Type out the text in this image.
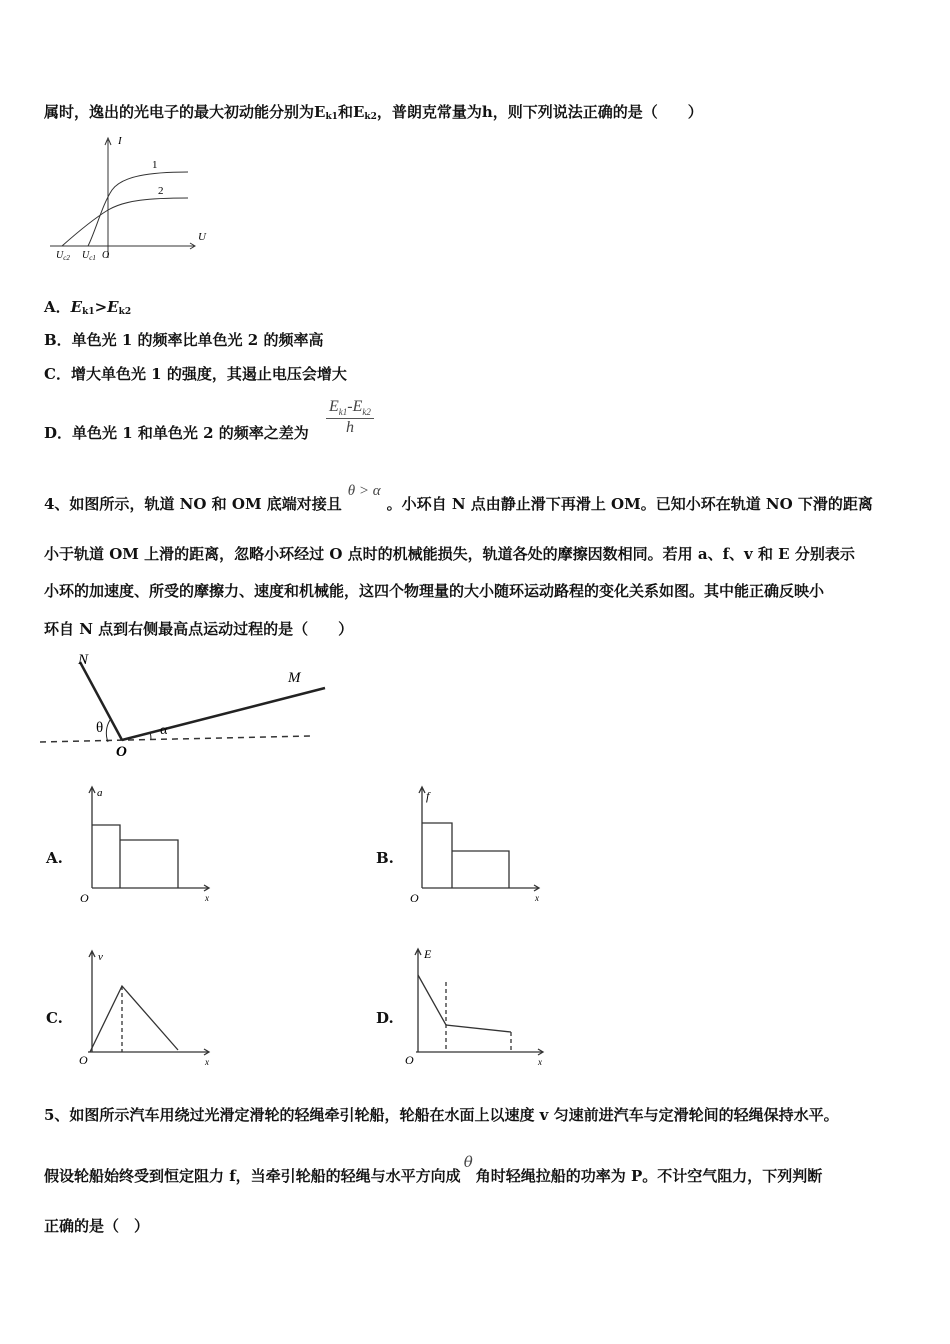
属时，逸出的光电子的最大初动能分别为$E_{k1}$和$E_{k2}$，普朗克常量为h，则下列说法正确的是（　　）
I
U
1
2
$U_{c2}$ $U_{c1}$ O
A．$E_{k1}>E_{k2}$
B．单色光 1 的频率比单色光 2 的频率高
C．增大单色光 1 的强度，其遏止电压会增大
D．单色光 1 和单色光 2 的频率之差为 $\frac{E_{k1}-E_{k2}}{h}$
4、如图所示，轨道 NO 和 OM 底端对接且θ > α。小环自 N 点由静止滑下再滑上 OM。已知小环在轨道 NO 下滑的距离
小于轨道 OM 上滑的距离，忽略小环经过 O 点时的机械能损失，轨道各处的摩擦因数相同。若用 a、f、v 和 E 分别表示
小环的加速度、所受的摩擦力、速度和机械能，这四个物理量的大小随环运动路程的变化关系如图。其中能正确反映小
环自 N 点到右侧最高点运动过程的是（　　）
N
M
O
θ	α
A.
a
x
O
B.
f
x
O
C.
v
x
O
D.
E
x
O
5、如图所示汽车用绕过光滑定滑轮的轻绳牵引轮船，轮船在水面上以速度 v 匀速前进汽车与定滑轮间的轻绳保持水平。
假设轮船始终受到恒定阻力 f，当牵引轮船的轻绳与水平方向成θ角时轻绳拉船的功率为 P。不计空气阻力，下列判断
正确的是（　）
